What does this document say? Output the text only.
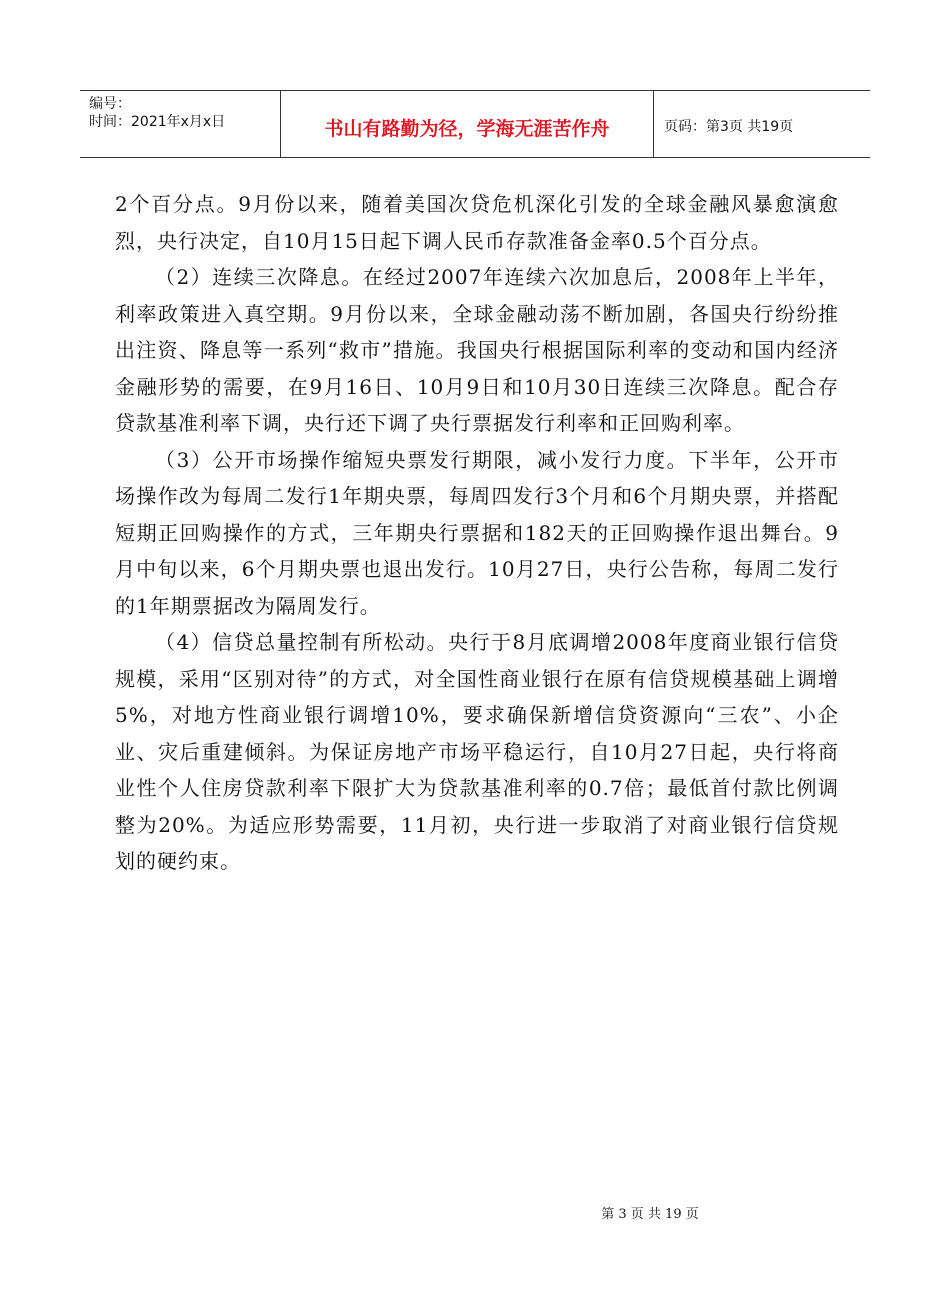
编号：
时间：2021年x月x日	书山有路勤为径，学海无涯苦作舟	页码：第3页 共19页

2个百分点。9月份以来，随着美国次贷危机深化引发的全球金融风暴愈演愈烈，央行决定，自10月15日起下调人民币存款准备金率0.5个百分点。

（2）连续三次降息。在经过2007年连续六次加息后，2008年上半年，利率政策进入真空期。9月份以来，全球金融动荡不断加剧，各国央行纷纷推出注资、降息等一系列“救市”措施。我国央行根据国际利率的变动和国内经济金融形势的需要，在9月16日、10月9日和10月30日连续三次降息。配合存贷款基准利率下调，央行还下调了央行票据发行利率和正回购利率。

（3）公开市场操作缩短央票发行期限，减小发行力度。下半年，公开市场操作改为每周二发行1年期央票，每周四发行3个月和6个月期央票，并搭配短期正回购操作的方式，三年期央行票据和182天的正回购操作退出舞台。9月中旬以来，6个月期央票也退出发行。10月27日，央行公告称，每周二发行的1年期票据改为隔周发行。

（4）信贷总量控制有所松动。央行于8月底调增2008年度商业银行信贷规模，采用“区别对待”的方式，对全国性商业银行在原有信贷规模基础上调增5%，对地方性商业银行调增10%，要求确保新增信贷资源向“三农”、小企业、灾后重建倾斜。为保证房地产市场平稳运行，自10月27日起，央行将商业性个人住房贷款利率下限扩大为贷款基准利率的0.7倍；最低首付款比例调整为20%。为适应形势需要，11月初，央行进一步取消了对商业银行信贷规划的硬约束。

第 3 页 共 19 页
